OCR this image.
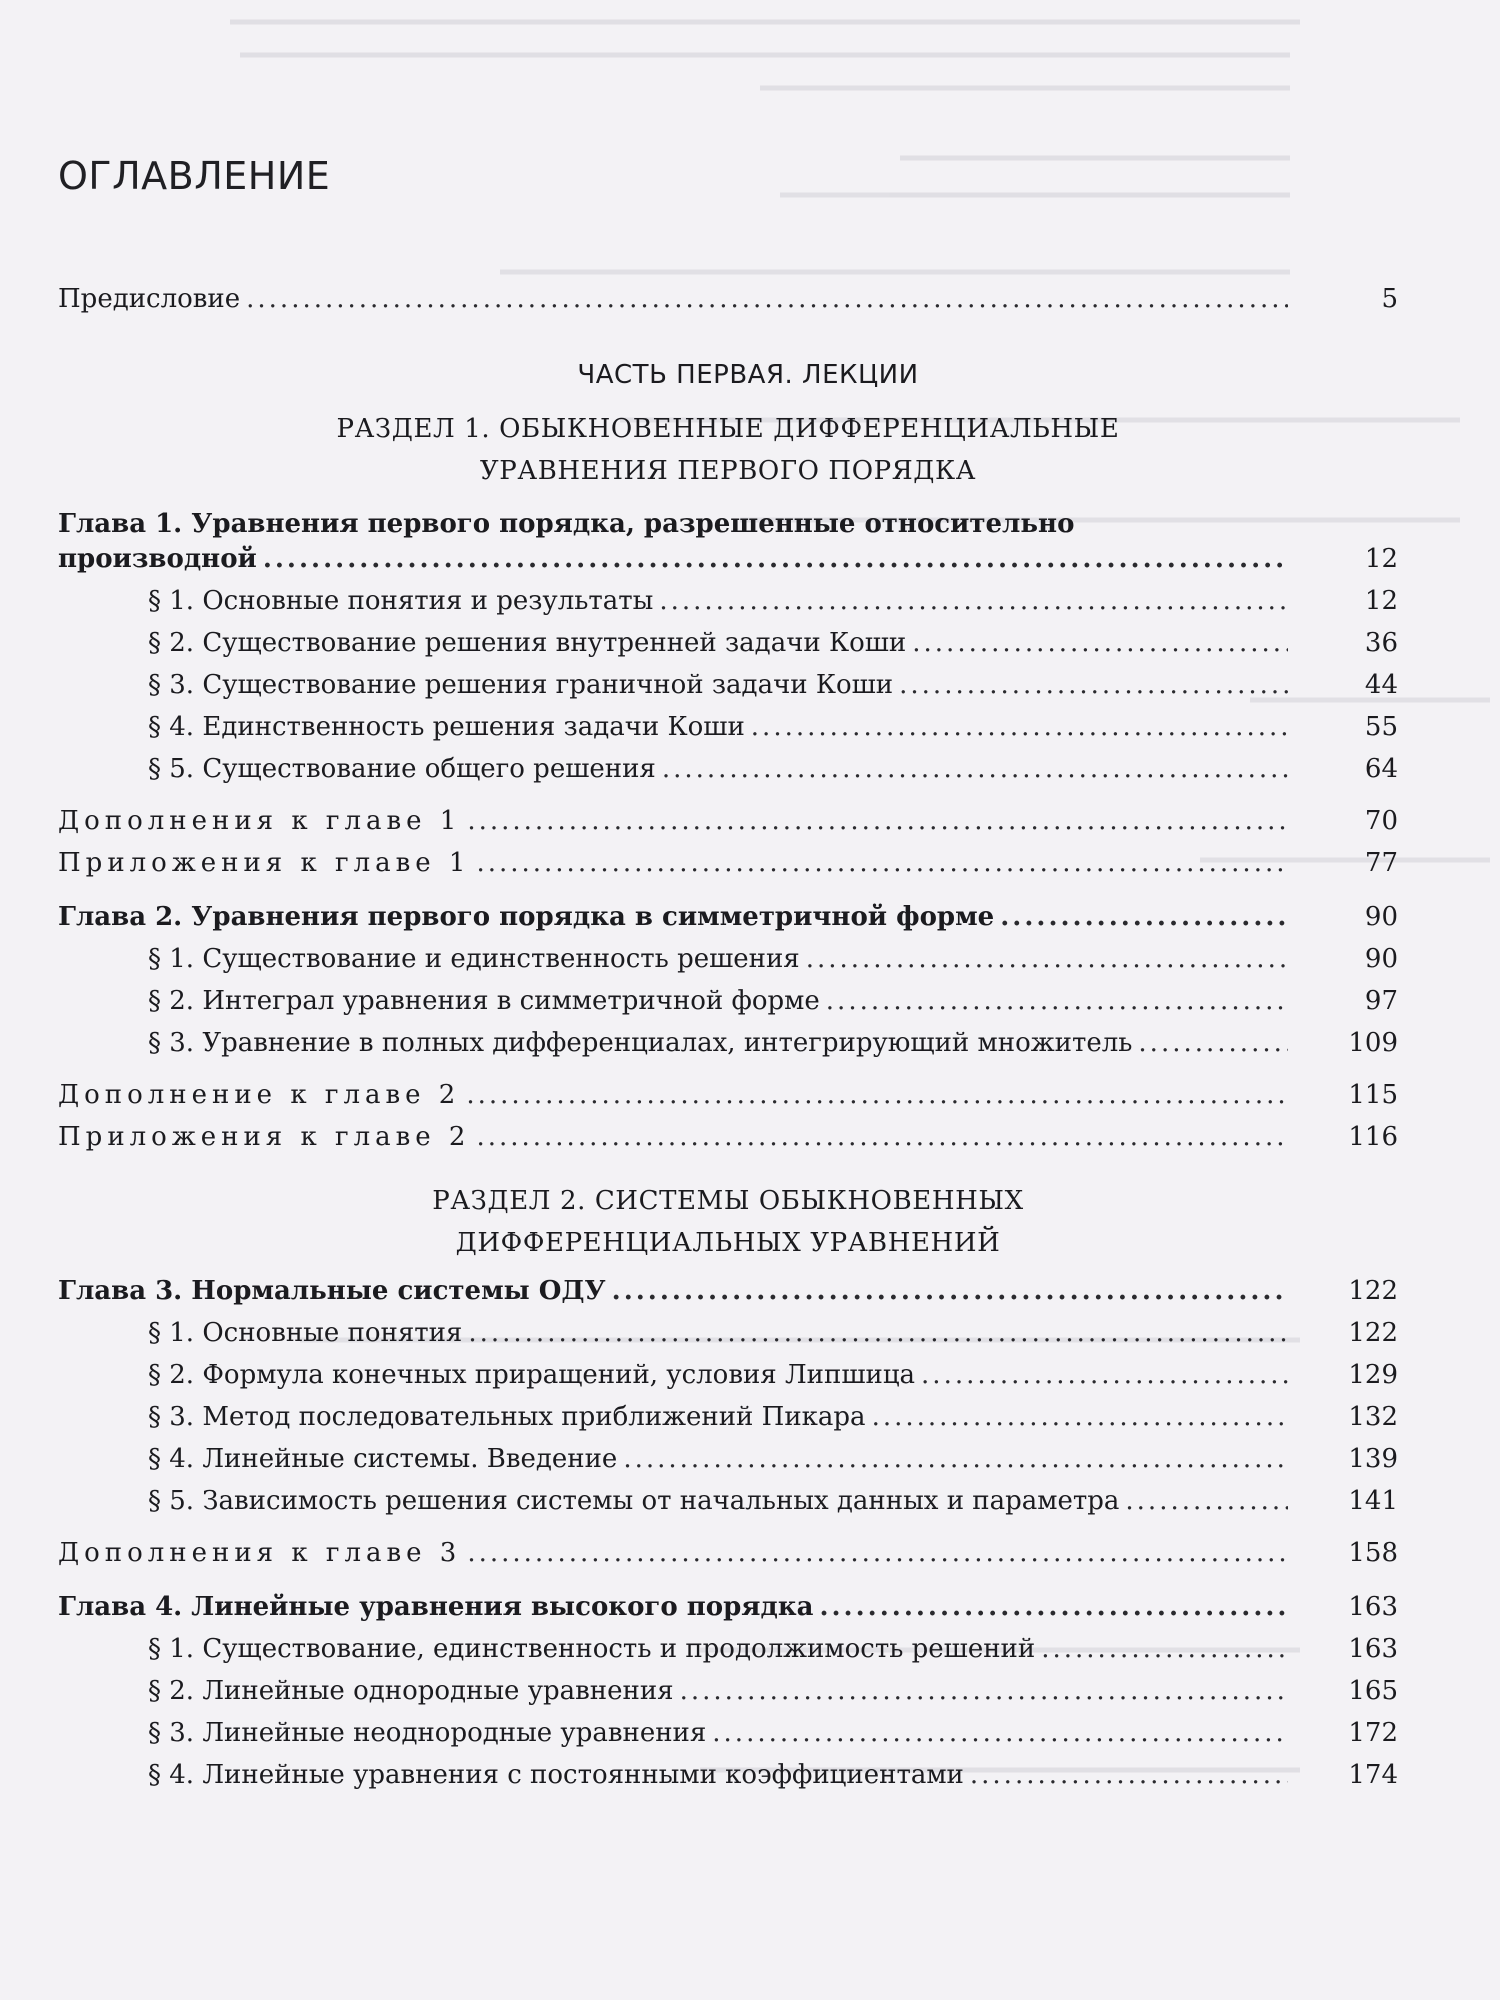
ОГЛАВЛЕНИЕ
Предисловие .....	5
ЧАСТЬ ПЕРВАЯ. ЛЕКЦИИ
РАЗДЕЛ 1. ОБЫКНОВЕННЫЕ ДИФФЕРЕНЦИАЛЬНЫЕ
УРАВНЕНИЯ ПЕРВОГО ПОРЯДКА
Глава 1. Уравнения первого порядка, разрешенные относительно
производной .....	12
§ 1. Основные понятия и результаты .....	12
§ 2. Существование решения внутренней задачи Коши .....	36
§ 3. Существование решения граничной задачи Коши .....	44
§ 4. Единственность решения задачи Коши .....	55
§ 5. Существование общего решения .....	64
Дополнения к главе 1 .....	70
Приложения к главе 1 .....	77
Глава 2. Уравнения первого порядка в симметричной форме .....	90
§ 1. Существование и единственность решения .....	90
§ 2. Интеграл уравнения в симметричной форме .....	97
§ 3. Уравнение в полных дифференциалах, интегрирующий множитель .....	109
Дополнение к главе 2 .....	115
Приложения к главе 2 .....	116
РАЗДЕЛ 2. СИСТЕМЫ ОБЫКНОВЕННЫХ
ДИФФЕРЕНЦИАЛЬНЫХ УРАВНЕНИЙ
Глава 3. Нормальные системы ОДУ .....	122
§ 1. Основные понятия .....	122
§ 2. Формула конечных приращений, условия Липшица .....	129
§ 3. Метод последовательных приближений Пикара .....	132
§ 4. Линейные системы. Введение .....	139
§ 5. Зависимость решения системы от начальных данных и параметра .....	141
Дополнения к главе 3 .....	158
Глава 4. Линейные уравнения высокого порядка .....	163
§ 1. Существование, единственность и продолжимость решений .....	163
§ 2. Линейные однородные уравнения .....	165
§ 3. Линейные неоднородные уравнения .....	172
§ 4. Линейные уравнения с постоянными коэффициентами .....	174
